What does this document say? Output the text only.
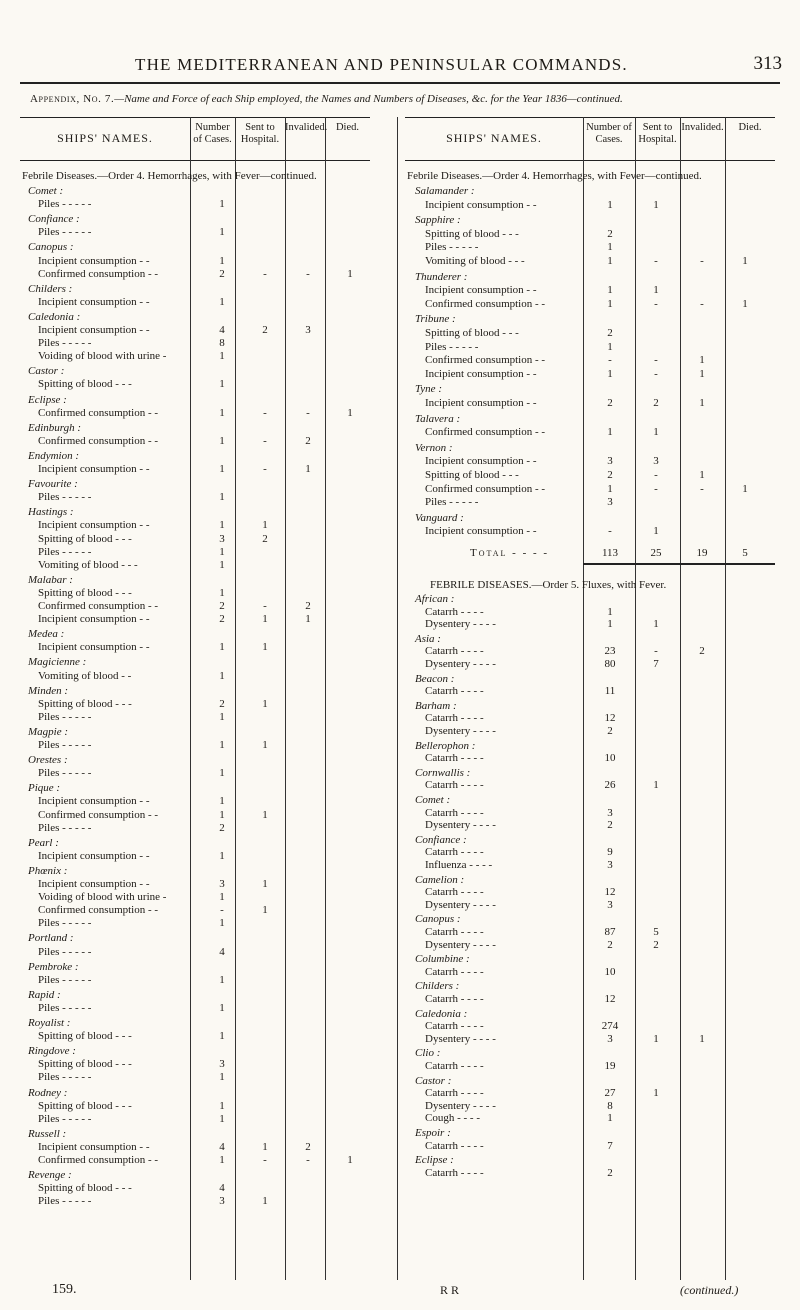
THE MEDITERRANEAN AND PENINSULAR COMMANDS.	313
Appendix, No. 7.—Name and Force of each Ship employed, the Names and Numbers of Diseases, &c. for the Year 1836—continued.
SHIPS' NAMES.
Number of Cases.
Sent to Hospital.
Invalided. Died.
SHIPS' NAMES.
Number of Cases.
Sent to Hospital.
Invalided.	Died.
Febrile Diseases.—Order 4. Hemorrhages, with Fever—continued.
Comet :
Piles - - - - -	1
Confiance :
Piles - - - - -	1
Canopus :
Incipient consumption - -	1
Confirmed consumption - -	2	-	-	1
Childers :
Incipient consumption - -	1
Caledonia :
Incipient consumption - -	4	2	3
Piles - - - - -	8
Voiding of blood with urine -	1
Castor :
Spitting of blood - - -	1
Eclipse :
Confirmed consumption - -	1	-	-	1
Edinburgh :
Confirmed consumption - -	1	-	2
Endymion :
Incipient consumption - -	1	-	1
Favourite :
Piles - - - - -	1
Hastings :
Incipient consumption - -	1	1
Spitting of blood - - -	3	2
Piles - - - - -	1
Vomiting of blood - - -	1
Malabar :
Spitting of blood - - -	1
Confirmed consumption - -	2	-	2
Incipient consumption - -	2	1	1
Medea :
Incipient consumption - -	1	1
Magicienne :
Vomiting of blood - -	1
Minden :
Spitting of blood - - -	2	1
Piles - - - - -	1
Magpie :
Piles - - - - -	1	1
Orestes :
Piles - - - - -	1
Pique :
Incipient consumption - -	1
Confirmed consumption - -	1	1
Piles - - - - -	2
Pearl :
Incipient consumption - -	1
Phœnix :
Incipient consumption - -	3	1
Voiding of blood with urine -	1
Confirmed consumption - -	-	1
Piles - - - - -	1
Portland :
Piles - - - - -	4
Pembroke :
Piles - - - - -	1
Rapid :
Piles - - - - -	1
Royalist :
Spitting of blood - - -	1
Ringdove :
Spitting of blood - - -	3
Piles - - - - -	1
Rodney :
Spitting of blood - - -	1
Piles - - - - -	1
Russell :
Incipient consumption - -	4	1	2
Confirmed consumption - -	1	-	-	1
Revenge :
Spitting of blood - - -	4
Piles - - - - -	3	1
Febrile Diseases.—Order 4. Hemorrhages, with Fever—continued.
Salamander :
Incipient consumption - -	1	1
Sapphire :
Spitting of blood - - -	2
Piles - - - - -	1
Vomiting of blood - - -	1	-	-	1
Thunderer :
Incipient consumption - -	1	1
Confirmed consumption - -	1	-	-	1
Tribune :
Spitting of blood - - -	2
Piles - - - - -	1
Confirmed consumption - -	-	-	1
Incipient consumption - -	1	-	1
Tyne :
Incipient consumption - -	2	2	1
Talavera :
Confirmed consumption - -	1	1
Vernon :
Incipient consumption - -	3	3
Spitting of blood - - -	2	-	1
Confirmed consumption - -	1	-	-	1
Piles - - - - -	3
Vanguard :
Incipient consumption - -	-	1
Total - - - -	113	25	19	5
FEBRILE DISEASES.—Order 5. Fluxes, with Fever.
African :
Catarrh - - - -	1
Dysentery - - - -	1	1
Asia :
Catarrh - - - -	23	-	2
Dysentery - - - -	80	7
Beacon :
Catarrh - - - -	11
Barham :
Catarrh - - - -	12
Dysentery - - - -	2
Bellerophon :
Catarrh - - - -	10
Cornwallis :
Catarrh - - - -	26	1
Comet :
Catarrh - - - -	3
Dysentery - - - -	2
Confiance :
Catarrh - - - -	9
Influenza - - - -	3
Camelion :
Catarrh - - - -	12
Dysentery - - - -	3
Canopus :
Catarrh - - - -	87	5
Dysentery - - - -	2	2
Columbine :
Catarrh - - - -	10
Childers :
Catarrh - - - -	12
Caledonia :
Catarrh - - - -	274
Dysentery - - - -	3	1	1
Clio :
Catarrh - - - -	19
Castor :
Catarrh - - - -	27	1
Dysentery - - - -	8
Cough - - - -	1
Espoir :
Catarrh - - - -	7
Eclipse :
Catarrh - - - -	2
159.	R R	(continued.)
